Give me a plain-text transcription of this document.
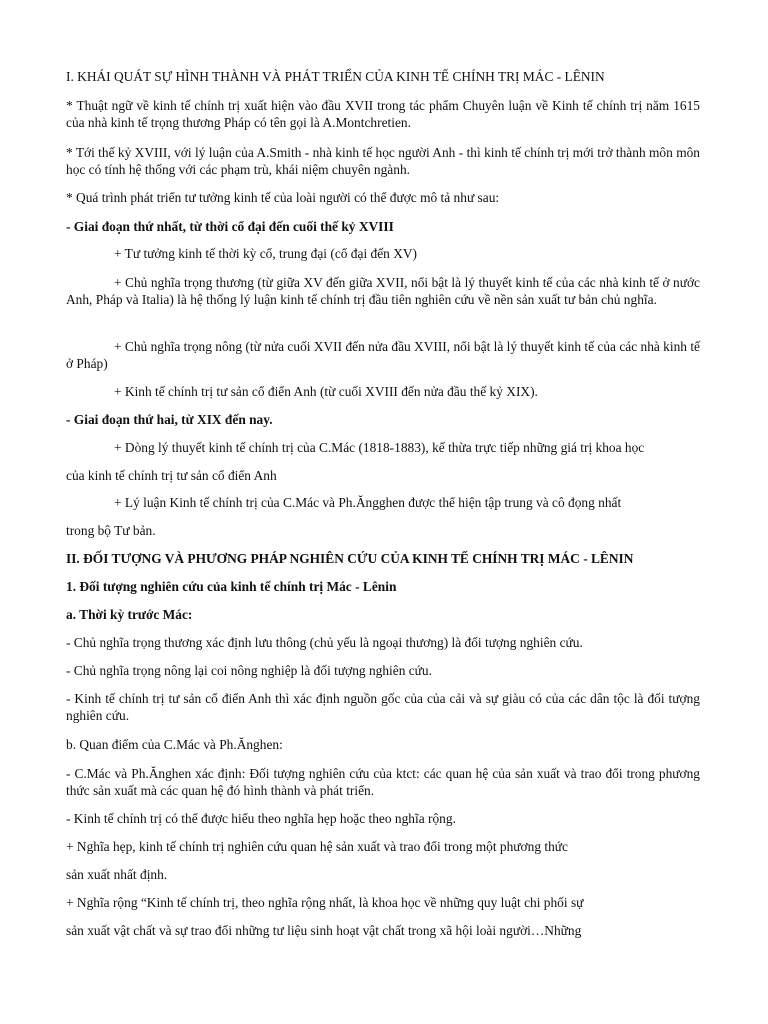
I. KHÁI QUÁT SỰ HÌNH THÀNH VÀ PHÁT TRIỂN CỦA KINH TẾ CHÍNH TRỊ MÁC - LÊNIN
* Thuật ngữ về kinh tế chính trị xuất hiện vào đầu XVII trong tác phẩm Chuyên luận về Kinh tế chính trị năm 1615 của nhà kinh tế trọng thương Pháp có tên gọi là A.Montchretien.
* Tới thế kỷ XVIII, với lý luận của A.Smith - nhà kinh tế học người Anh - thì kinh tế chính trị mới trở thành môn môn học có tính hệ thống với các phạm trù, khái niệm chuyên ngành.
* Quá trình phát triển tư tưởng kinh tế của loài người có thể được mô tả như sau:
- Giai đoạn thứ nhất, từ thời cổ đại đến cuối thế kỷ XVIII
+ Tư tưởng kinh tế thời kỳ cổ, trung đại (cổ đại đến XV)
+ Chủ nghĩa trọng thương (từ giữa XV đến giữa XVII, nổi bật là lý thuyết kinh tế của các nhà kinh tế ở nước Anh, Pháp và Italia) là hệ thống lý luận kinh tế chính trị đầu tiên nghiên cứu về nền sản xuất tư bản chủ nghĩa.
+ Chủ nghĩa trọng nông (từ nửa cuối XVII đến nửa đầu XVIII, nổi bật là lý thuyết kinh tế của các nhà kinh tế ở Pháp)
+ Kinh tế chính trị tư sản cổ điển Anh (từ cuối XVIII đến nửa đầu thế kỷ XIX).
- Giai đoạn thứ hai, từ XIX đến nay.
+ Dòng lý thuyết kinh tế chính trị của C.Mác (1818-1883), kế thừa trực tiếp những giá trị khoa học
của kinh tế chính trị tư sản cổ điển Anh
+ Lý luận Kinh tế chính trị của C.Mác và Ph.Ăngghen được thể hiện tập trung và cô đọng nhất
trong bộ Tư bản.
II. ĐỐI TƯỢNG VÀ PHƯƠNG PHÁP NGHIÊN CỨU CỦA KINH TẾ CHÍNH TRỊ MÁC - LÊNIN
1. Đối tượng nghiên cứu của kinh tế chính trị Mác - Lênin
a. Thời kỳ trước Mác:
- Chủ nghĩa trọng thương xác định lưu thông (chủ yếu là ngoại thương) là đối tượng nghiên cứu.
- Chủ nghĩa trọng nông lại coi nông nghiệp là đối tượng nghiên cứu.
- Kinh tế chính trị tư sản cổ điển Anh thì xác định nguồn gốc của của cải và sự giàu có của các dân tộc là đối tượng nghiên cứu.
b. Quan điểm của C.Mác và Ph.Ănghen:
- C.Mác và Ph.Ănghen xác định: Đối tượng nghiên cứu của ktct: các quan hệ của sản xuất và trao đổi trong phương thức sản xuất mà các quan hệ đó hình thành và phát triển.
- Kinh tế chính trị có thể được hiểu theo nghĩa hẹp hoặc theo nghĩa rộng.
+ Nghĩa hẹp, kinh tế chính trị nghiên cứu quan hệ sản xuất và trao đổi trong một phương thức
sản xuất nhất định.
+ Nghĩa rộng “Kinh tế chính trị, theo nghĩa rộng nhất, là khoa học về những quy luật chi phối sự
sản xuất vật chất và sự trao đổi những tư liệu sinh hoạt vật chất trong xã hội loài người…Những
